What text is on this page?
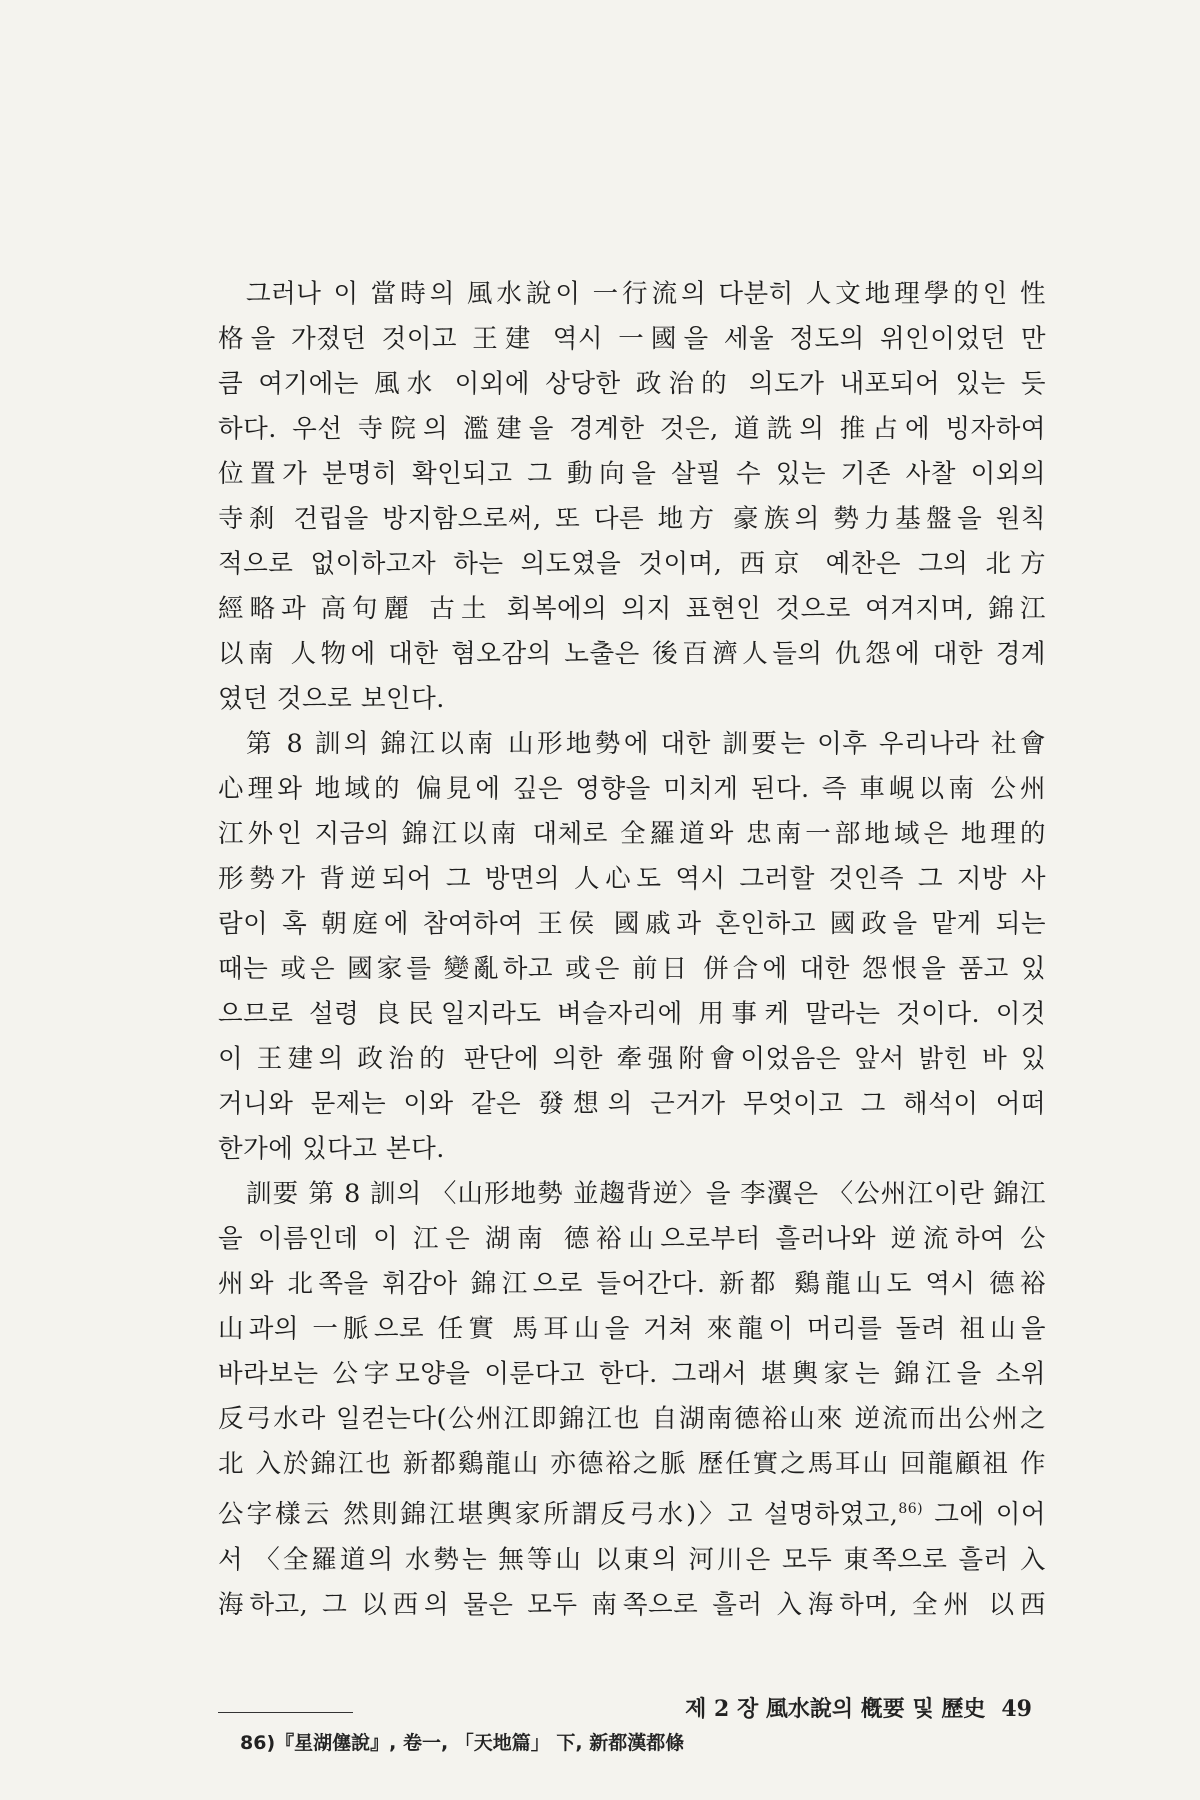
그러나 이 當時의 風水說이 一行流의 다분히 人文地理學的인 性
格을 가졌던 것이고 王建 역시 一國을 세울 정도의 위인이었던 만
큼 여기에는 風水 이외에 상당한 政治的 의도가 내포되어 있는 듯
하다. 우선 寺院의 濫建을 경계한 것은, 道詵의 推占에 빙자하여
位置가 분명히 확인되고 그 動向을 살필 수 있는 기존 사찰 이외의
寺刹 건립을 방지함으로써, 또 다른 地方 豪族의 勢力基盤을 원칙
적으로 없이하고자 하는 의도였을 것이며, 西京 예찬은 그의 北方
經略과 高句麗 古土 회복에의 의지 표현인 것으로 여겨지며, 錦江
以南 人物에 대한 혐오감의 노출은 後百濟人들의 仇怨에 대한 경계
였던 것으로 보인다.

第 8 訓의 錦江以南 山形地勢에 대한 訓要는 이후 우리나라 社會
心理와 地域的 偏見에 깊은 영향을 미치게 된다. 즉 車峴以南 公州
江外인 지금의 錦江以南 대체로 全羅道와 忠南一部地域은 地理的
形勢가 背逆되어 그 방면의 人心도 역시 그러할 것인즉 그 지방 사
람이 혹 朝庭에 참여하여 王侯 國戚과 혼인하고 國政을 맡게 되는
때는 或은 國家를 變亂하고 或은 前日 併合에 대한 怨恨을 품고 있
으므로 설령 良民일지라도 벼슬자리에 用事케 말라는 것이다. 이것
이 王建의 政治的 판단에 의한 牽强附會이었음은 앞서 밝힌 바 있
거니와 문제는 이와 같은 發想의 근거가 무엇이고 그 해석이 어떠
한가에 있다고 본다.

訓要 第 8 訓의 〈山形地勢 並趨背逆〉을 李瀷은 〈公州江이란 錦江
을 이름인데 이 江은 湖南 德裕山으로부터 흘러나와 逆流하여 公
州와 北쪽을 휘감아 錦江으로 들어간다. 新都 鷄龍山도 역시 德裕
山과의 一脈으로 任實 馬耳山을 거쳐 來龍이 머리를 돌려 祖山을
바라보는 公字모양을 이룬다고 한다. 그래서 堪輿家는 錦江을 소위
反弓水라 일컫는다(公州江即錦江也 自湖南德裕山來 逆流而出公州之
北 入於錦江也 新都鷄龍山 亦德裕之脈 歷任實之馬耳山 回龍顧祖 作
公字樣云 然則錦江堪輿家所謂反弓水)〉고 설명하였고,$^{86)}$ 그에 이어
서 〈全羅道의 水勢는 無等山 以東의 河川은 모두 東쪽으로 흘러 入
海하고, 그 以西의 물은 모두 南쪽으로 흘러 入海하며, 全州 以西

86)『星湖僿說』, 卷一, 「天地篇」 下, 新都漢都條
제 2 장 風水說의 槪要 및 歷史 49
